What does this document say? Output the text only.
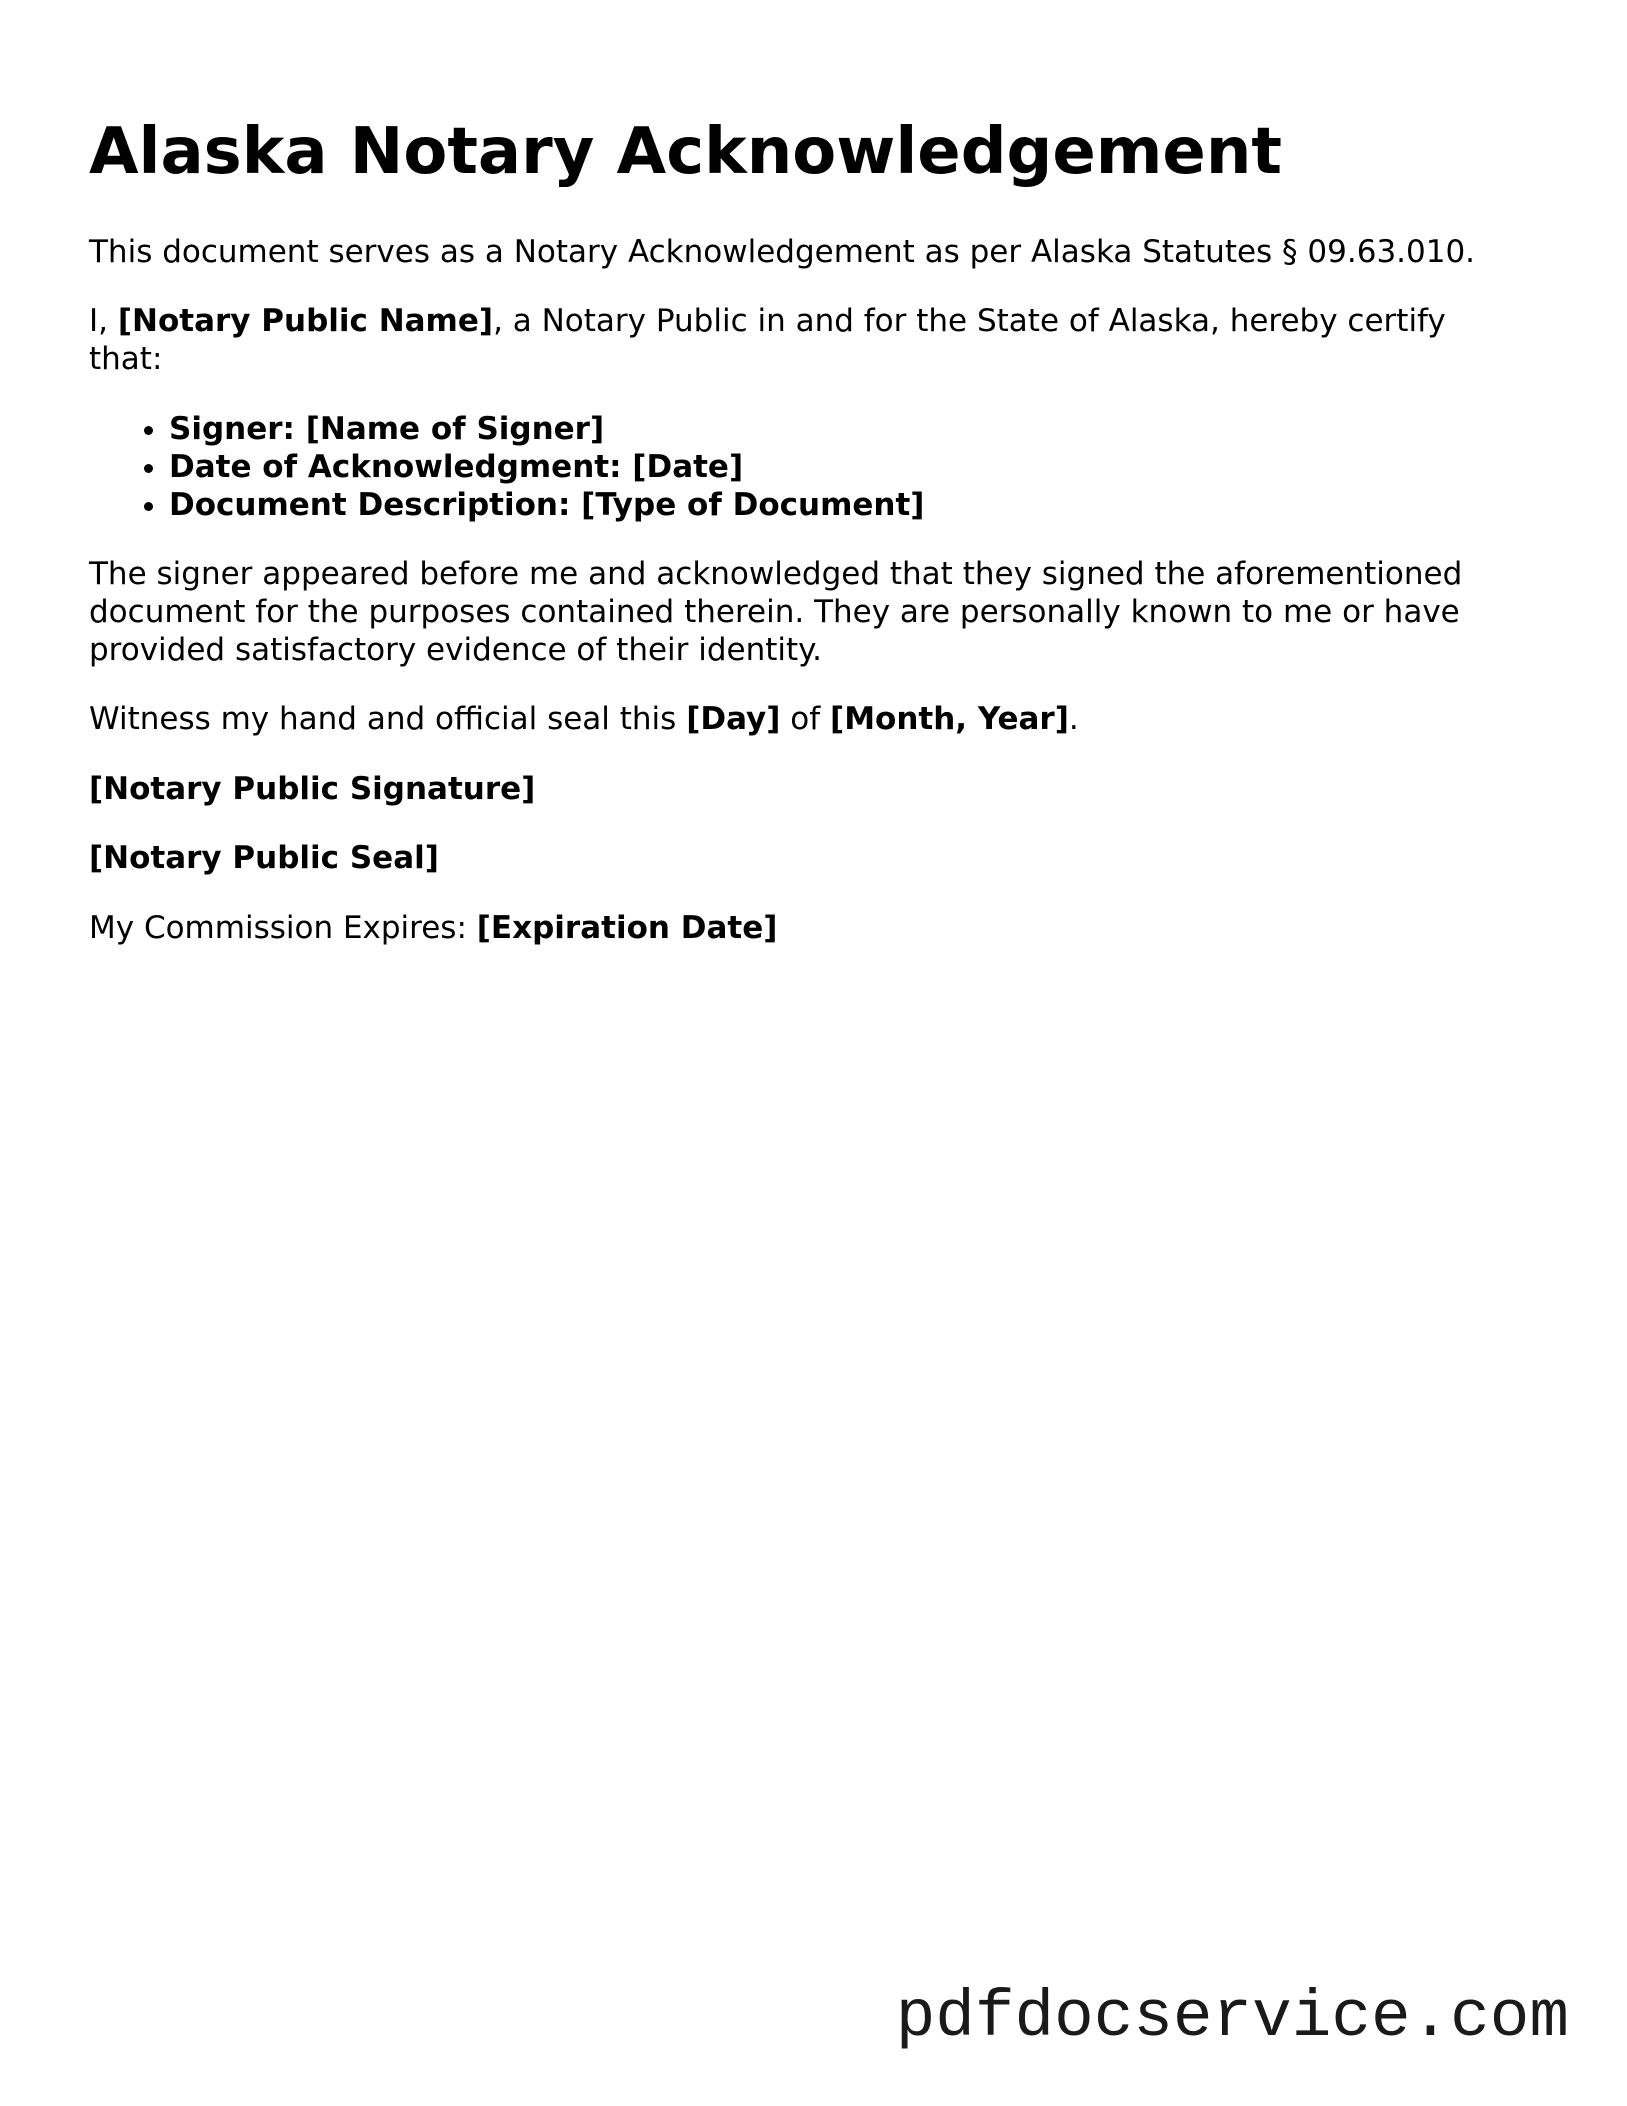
Alaska Notary Acknowledgement

This document serves as a Notary Acknowledgement as per Alaska Statutes § 09.63.010.

I, [Notary Public Name], a Notary Public in and for the State of Alaska, hereby certify that:

• Signer: [Name of Signer]
• Date of Acknowledgment: [Date]
• Document Description: [Type of Document]

The signer appeared before me and acknowledged that they signed the aforementioned document for the purposes contained therein. They are personally known to me or have provided satisfactory evidence of their identity.

Witness my hand and official seal this [Day] of [Month, Year].

[Notary Public Signature]

[Notary Public Seal]

My Commission Expires: [Expiration Date]

pdfdocservice.com
